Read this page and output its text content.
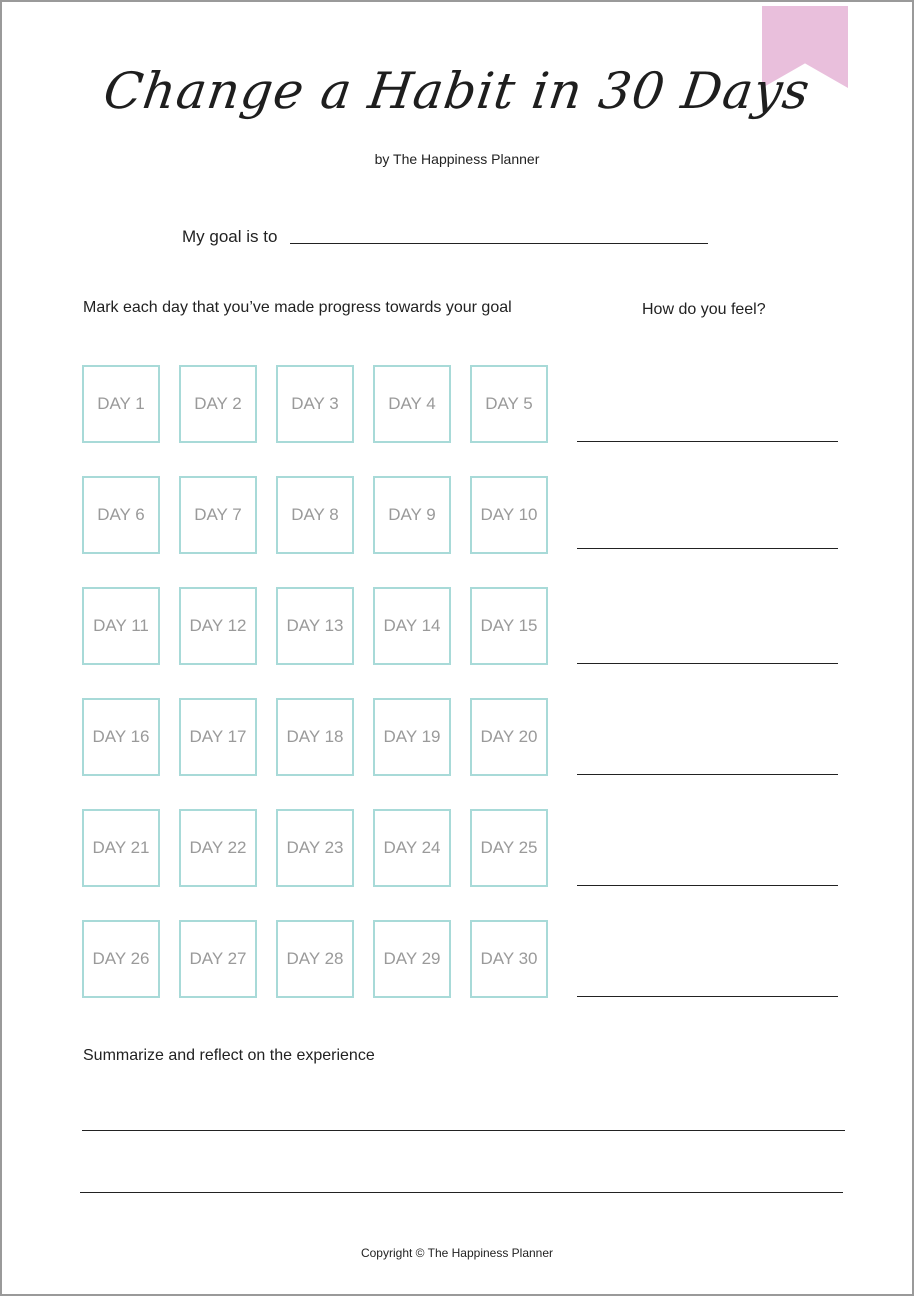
Change a Habit in 30 Days
by The Happiness Planner
My goal is to
Mark each day that you’ve made progress towards your goal	How do you feel?
DAY 1	DAY 2	DAY 3	DAY 4	DAY 5
DAY 6	DAY 7	DAY 8	DAY 9	DAY 10
DAY 11	DAY 12	DAY 13	DAY 14	DAY 15
DAY 16	DAY 17	DAY 18	DAY 19	DAY 20
DAY 21	DAY 22	DAY 23	DAY 24	DAY 25
DAY 26	DAY 27	DAY 28	DAY 29	DAY 30
Summarize and reflect on the experience
Copyright © The Happiness Planner
